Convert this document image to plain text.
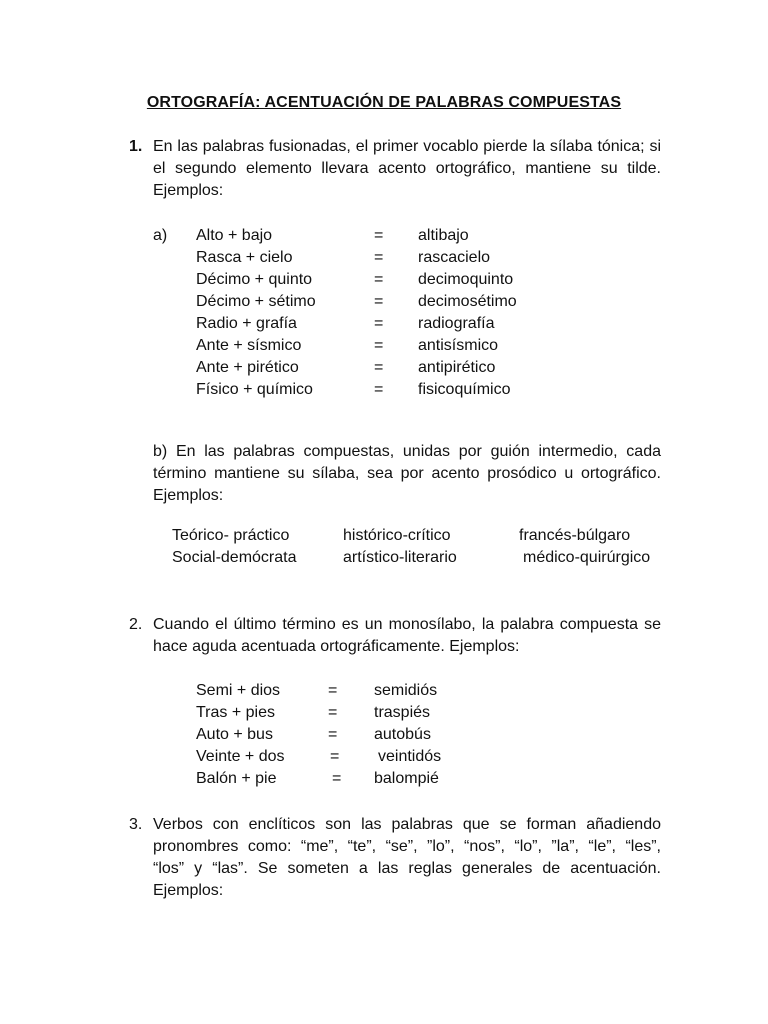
ORTOGRAFÍA: ACENTUACIÓN DE PALABRAS COMPUESTAS
1. En las palabras fusionadas, el primer vocablo pierde la sílaba tónica; si
el segundo elemento llevara acento ortográfico, mantiene su tilde.
Ejemplos:
a) Alto + bajo	= altibajo
Rasca + cielo	= rascacielo
Décimo + quinto	= decimoquinto
Décimo + sétimo	= decimosétimo
Radio + grafía	= radiografía
Ante + sísmico	= antisísmico
Ante + pirético	= antipirético
Físico + químico	= fisicoquímico
b) En las palabras compuestas, unidas por guión intermedio, cada
término mantiene su sílaba, sea por acento prosódico u ortográfico.
Ejemplos:
Teórico- práctico	histórico-crítico	francés-búlgaro
Social-demócrata	artístico-literario	médico-quirúrgico
2. Cuando el último término es un monosílabo, la palabra compuesta se
hace aguda acentuada ortográficamente. Ejemplos:
Semi + dios	= semidiós
Tras + pies	= traspiés
Auto + bus	= autobús
Veinte + dos	= veintidós
Balón + pie	= balompié
3. Verbos con enclíticos son las palabras que se forman añadiendo
pronombres como: “me”, “te”, “se”, ”lo”, “nos”, “lo”, ”la”, “le”, “les”,
“los” y “las”. Se someten a las reglas generales de acentuación.
Ejemplos:
